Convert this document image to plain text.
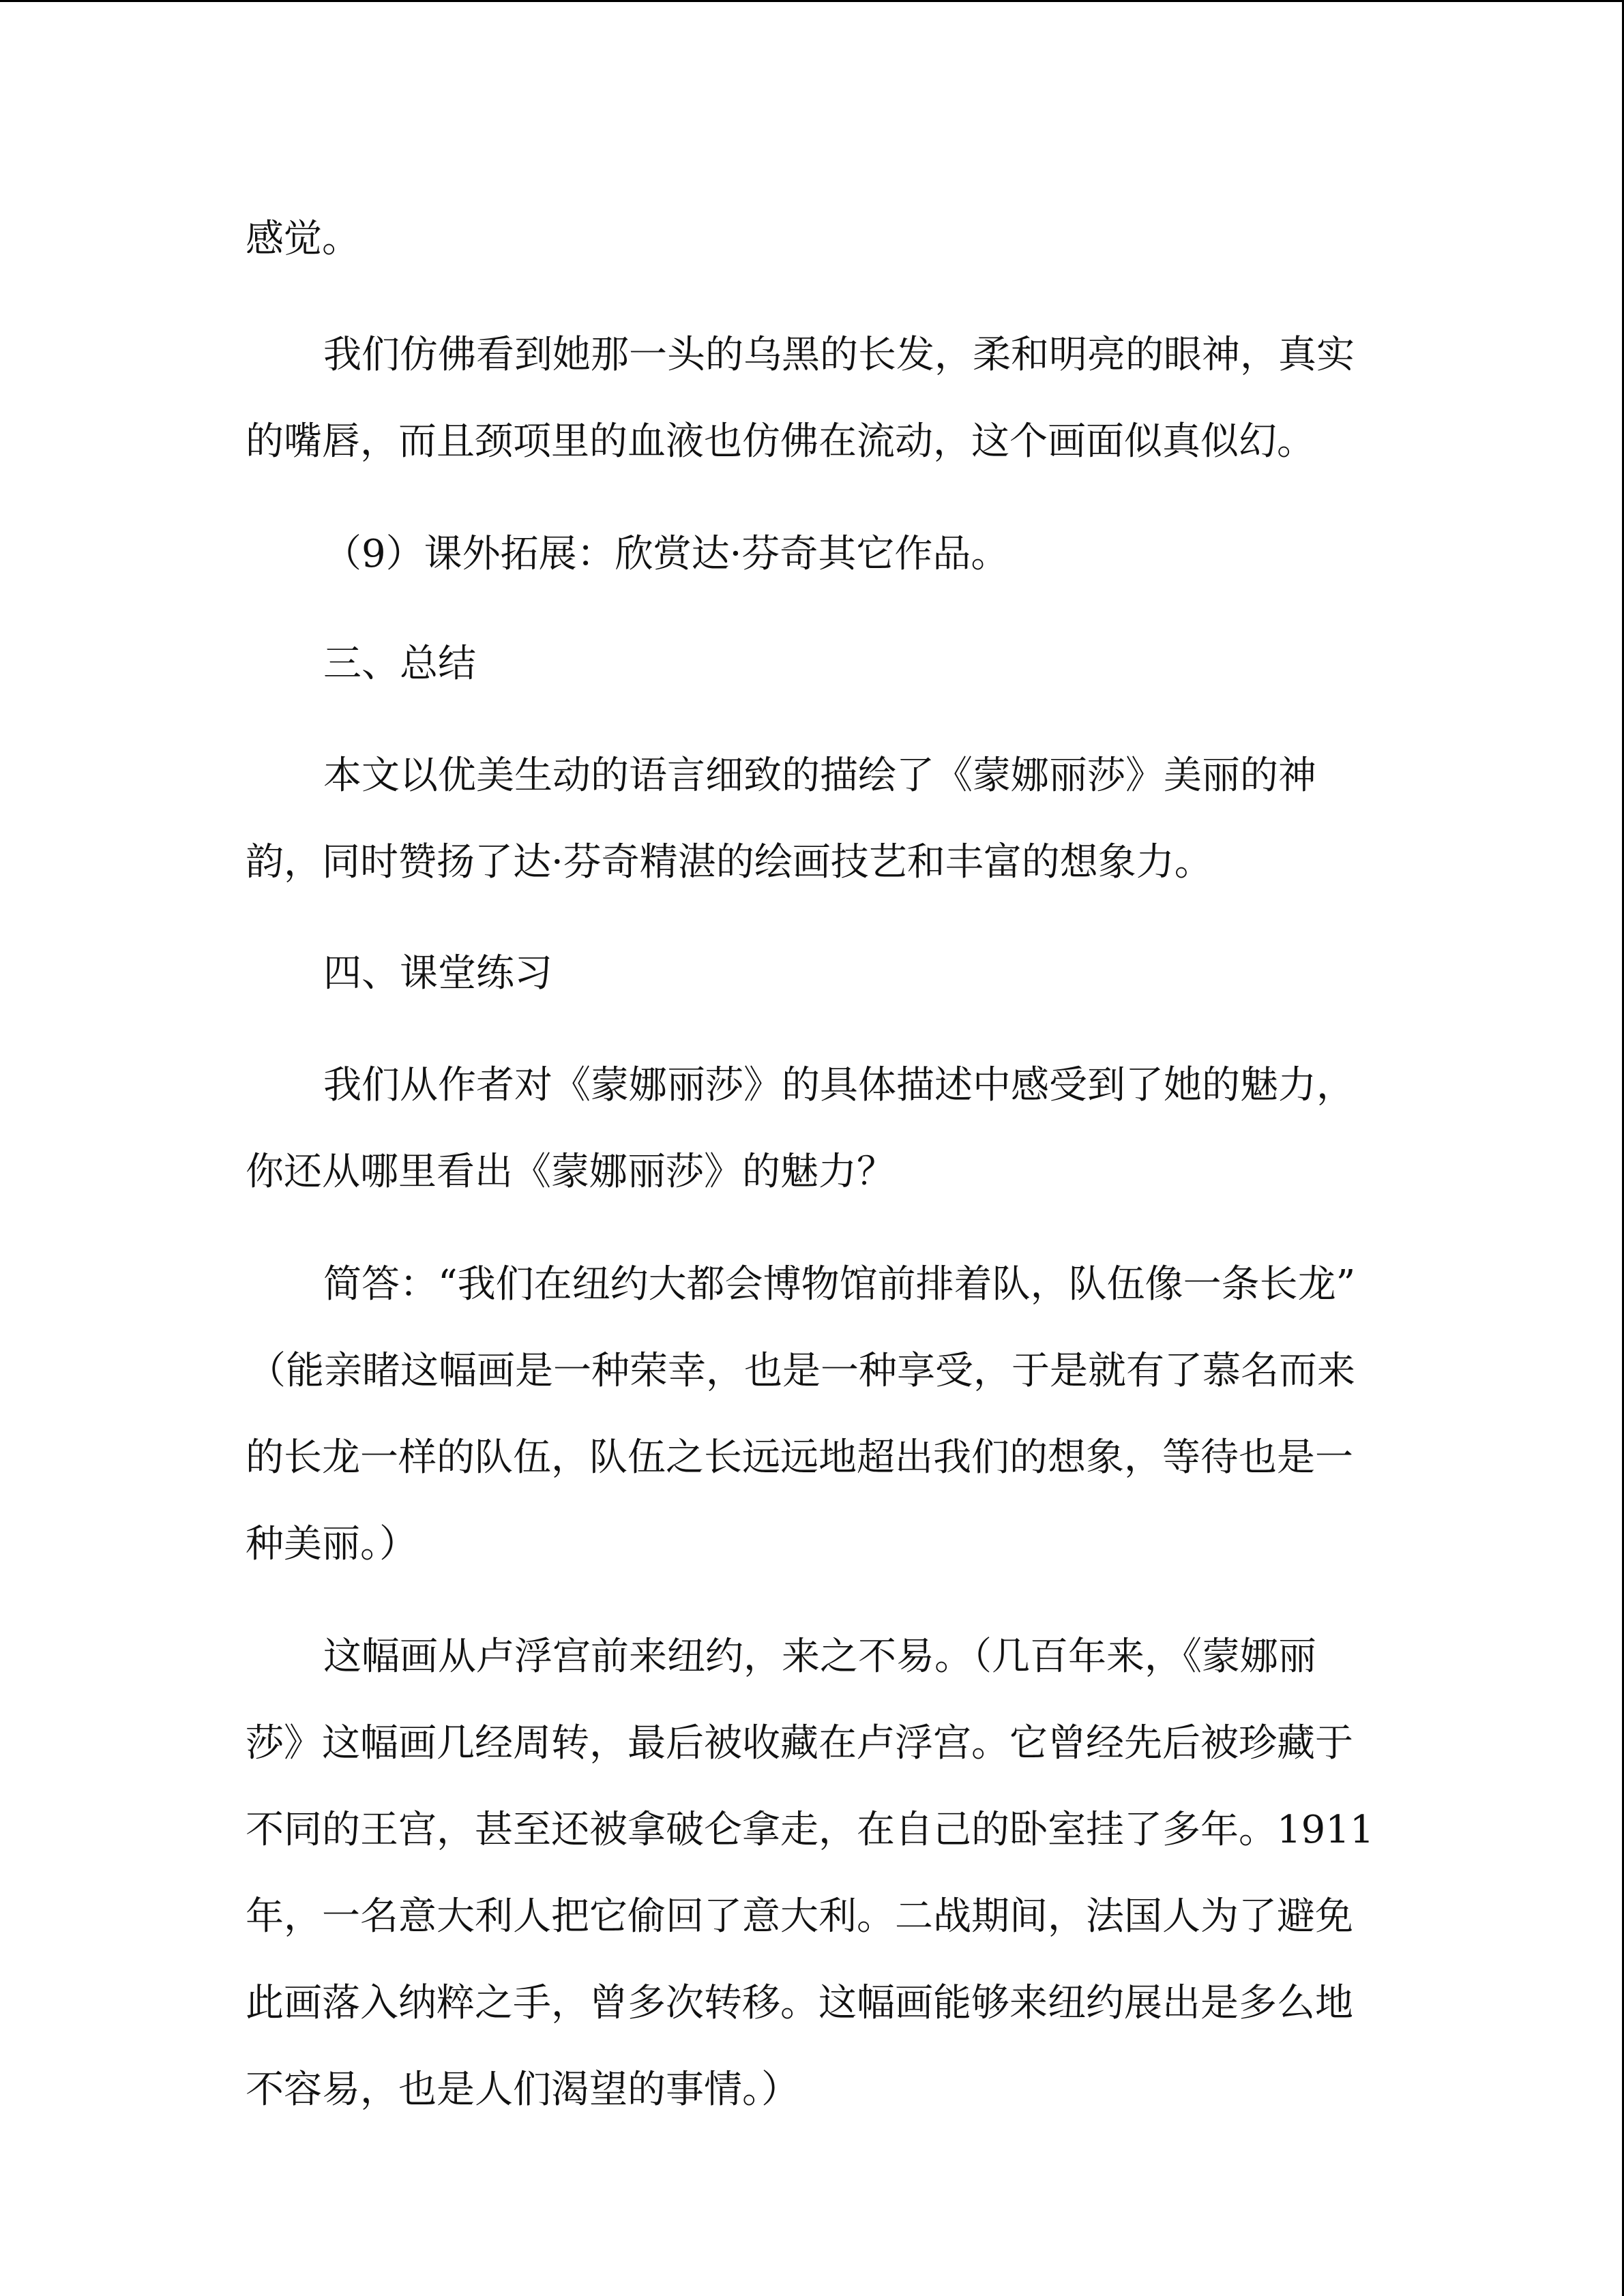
感觉。
我们仿佛看到她那一头的乌黑的长发，柔和明亮的眼神，真实
的嘴唇，而且颈项里的血液也仿佛在流动，这个画面似真似幻。
（9）课外拓展：欣赏达·芬奇其它作品。
三、总结
本文以优美生动的语言细致的描绘了《蒙娜丽莎》美丽的神
韵，同时赞扬了达·芬奇精湛的绘画技艺和丰富的想象力。
四、课堂练习
我们从作者对《蒙娜丽莎》的具体描述中感受到了她的魅力，
你还从哪里看出《蒙娜丽莎》的魅力？
简答：“我们在纽约大都会博物馆前排着队，队伍像一条长龙”
（能亲睹这幅画是一种荣幸，也是一种享受，于是就有了慕名而来
的长龙一样的队伍，队伍之长远远地超出我们的想象，等待也是一
种美丽。）
这幅画从卢浮宫前来纽约，来之不易。（几百年来，《蒙娜丽
莎》这幅画几经周转，最后被收藏在卢浮宫。它曾经先后被珍藏于
不同的王宫，甚至还被拿破仑拿走，在自己的卧室挂了多年。1911
年，一名意大利人把它偷回了意大利。二战期间，法国人为了避免
此画落入纳粹之手，曾多次转移。这幅画能够来纽约展出是多么地
不容易，也是人们渴望的事情。）
